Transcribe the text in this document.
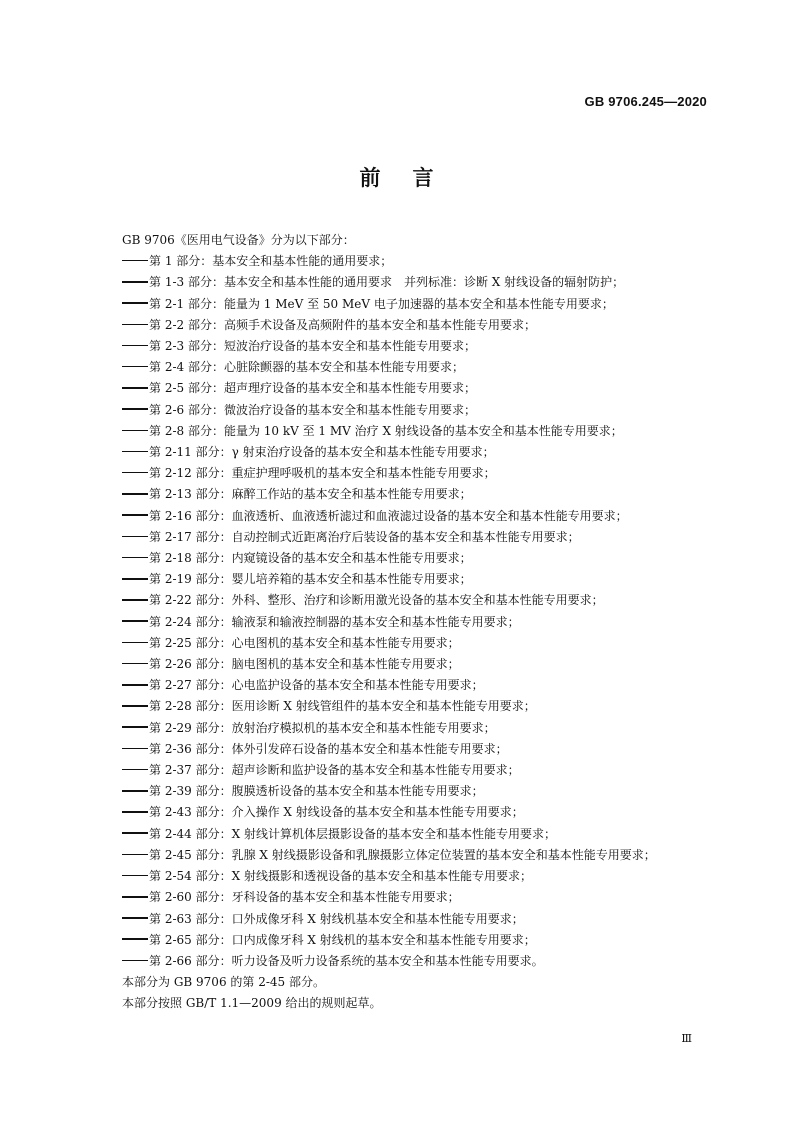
GB 9706.245—2020
前言

GB 9706《医用电气设备》分为以下部分：

第 1 部分：基本安全和基本性能的通用要求；
第 1-3 部分：基本安全和基本性能的通用要求　并列标准：诊断 X 射线设备的辐射防护；
第 2-1 部分：能量为 1 MeV 至 50 MeV 电子加速器的基本安全和基本性能专用要求；
第 2-2 部分：高频手术设备及高频附件的基本安全和基本性能专用要求；
第 2-3 部分：短波治疗设备的基本安全和基本性能专用要求；
第 2-4 部分：心脏除颤器的基本安全和基本性能专用要求；
第 2-5 部分：超声理疗设备的基本安全和基本性能专用要求；
第 2-6 部分：微波治疗设备的基本安全和基本性能专用要求；
第 2-8 部分：能量为 10 kV 至 1 MV 治疗 X 射线设备的基本安全和基本性能专用要求；
第 2-11 部分：γ 射束治疗设备的基本安全和基本性能专用要求；
第 2-12 部分：重症护理呼吸机的基本安全和基本性能专用要求；
第 2-13 部分：麻醉工作站的基本安全和基本性能专用要求；
第 2-16 部分：血液透析、血液透析滤过和血液滤过设备的基本安全和基本性能专用要求；
第 2-17 部分：自动控制式近距离治疗后装设备的基本安全和基本性能专用要求；
第 2-18 部分：内窥镜设备的基本安全和基本性能专用要求；
第 2-19 部分：婴儿培养箱的基本安全和基本性能专用要求；
第 2-22 部分：外科、整形、治疗和诊断用激光设备的基本安全和基本性能专用要求；
第 2-24 部分：输液泵和输液控制器的基本安全和基本性能专用要求；
第 2-25 部分：心电图机的基本安全和基本性能专用要求；
第 2-26 部分：脑电图机的基本安全和基本性能专用要求；
第 2-27 部分：心电监护设备的基本安全和基本性能专用要求；
第 2-28 部分：医用诊断 X 射线管组件的基本安全和基本性能专用要求；
第 2-29 部分：放射治疗模拟机的基本安全和基本性能专用要求；
第 2-36 部分：体外引发碎石设备的基本安全和基本性能专用要求；
第 2-37 部分：超声诊断和监护设备的基本安全和基本性能专用要求；
第 2-39 部分：腹膜透析设备的基本安全和基本性能专用要求；
第 2-43 部分：介入操作 X 射线设备的基本安全和基本性能专用要求；
第 2-44 部分：X 射线计算机体层摄影设备的基本安全和基本性能专用要求；
第 2-45 部分：乳腺 X 射线摄影设备和乳腺摄影立体定位装置的基本安全和基本性能专用要求；
第 2-54 部分：X 射线摄影和透视设备的基本安全和基本性能专用要求；
第 2-60 部分：牙科设备的基本安全和基本性能专用要求；
第 2-63 部分：口外成像牙科 X 射线机基本安全和基本性能专用要求；
第 2-65 部分：口内成像牙科 X 射线机的基本安全和基本性能专用要求；
第 2-66 部分：听力设备及听力设备系统的基本安全和基本性能专用要求。

本部分为 GB 9706 的第 2-45 部分。

本部分按照 GB/T 1.1—2009 给出的规则起草。

Ⅲ
